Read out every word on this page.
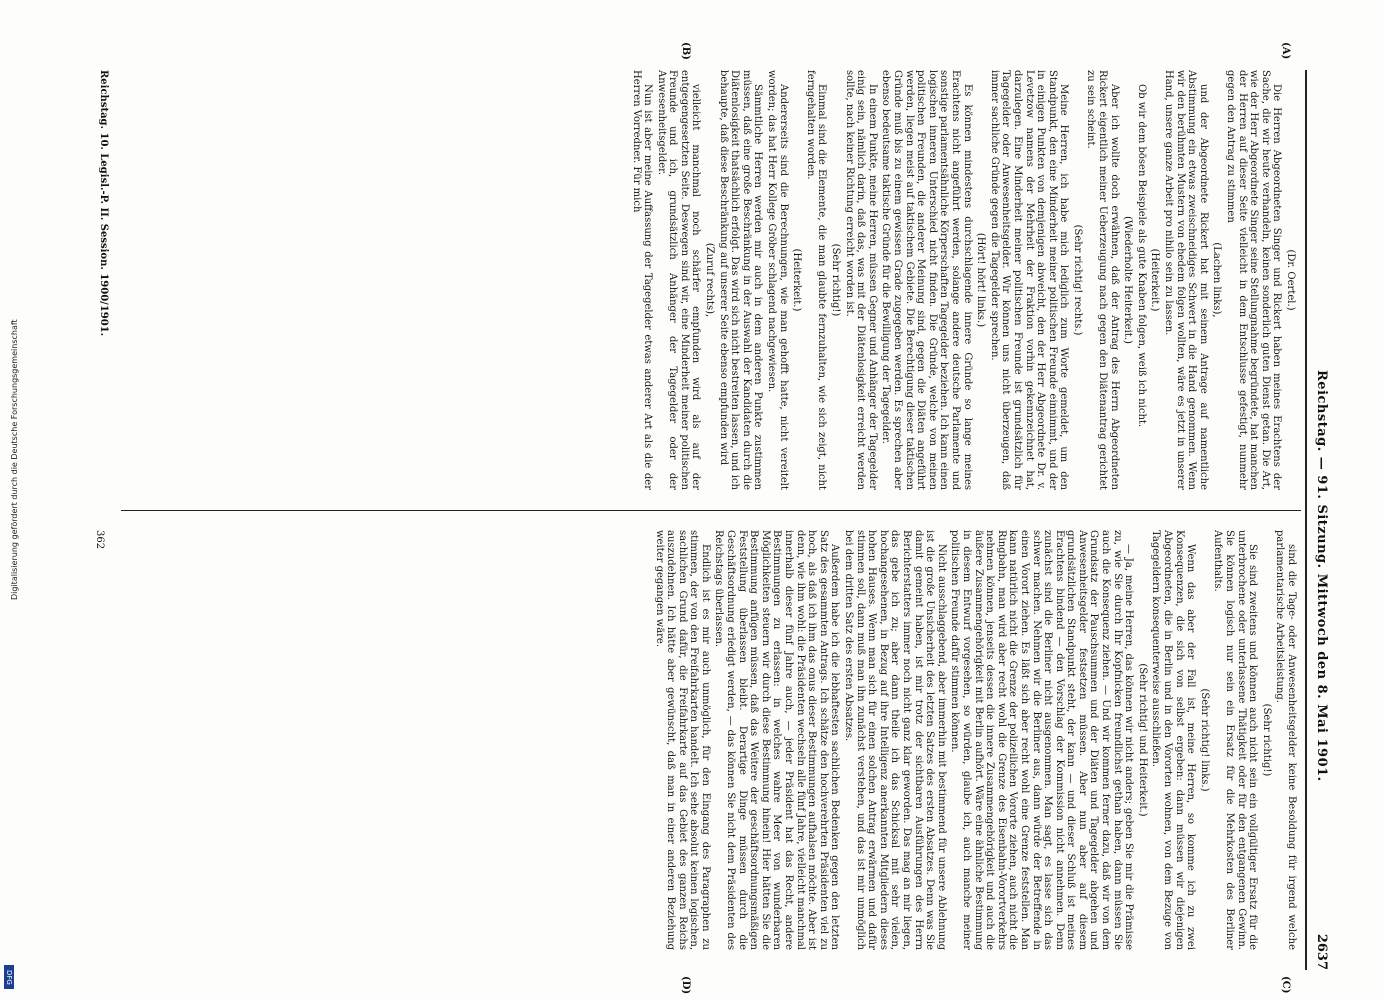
DFG
Digitalisierung gefördert durch die Deutsche Forschungsgemeinschaft	Reichstag. — 91. Sitzung. Mittwoch den 8. Mai 1901.
2637
(A)
(B)
(C)
(D)

(Dr. Oertel.)

Die Herren Abgeordneten Singer und Rickert haben meines Erachtens der Sache, die wir heute verhandeln, keinen sonderlich guten Dienst getan. Die Art, wie der Herr Abgeordnete Singer seine Stellungnahme begründete, hat manchen der Herren auf dieser Seite vielleicht in dem Entschlusse gefestigt, nunmehr gegen den Antrag zu stimmen

(Lachen links),

und der Abgeordnete Rickert hat mit seinem Antrage auf namentliche Abstimmung ein etwas zweischneidiges Schwert in die Hand genommen. Wenn wir den berühmten Mustern von ehedem folgen wollten, wäre es jetzt in unserer Hand, unsere ganze Arbeit pro nihilo sein zu lassen.

(Heiterkeit.)

Ob wir dem bösen Beispiele als gute Knaben folgen, weiß ich nicht.

(Wiederholte Heiterkeit.)

Aber ich wollte doch erwähnen, daß der Antrag des Herrn Abgeordneten Rickert eigentlich meiner Ueberzeugung nach gegen den Diätenantrag gerichtet zu sein scheint.

(Sehr richtig! rechts.)

Meine Herren, ich habe mich lediglich zum Worte gemeldet, um den Standpunkt, den eine Minderheit meiner politischen Freunde einnimmt, und der in einigen Punkten von demjenigen abweicht, den der Herr Abgeordnete Dr. v. Levetzow namens der Mehrheit der Fraktion vorhin gekennzeichnet hat, darzulegen. Eine Minderheit meiner politischen Freunde ist grundsätzlich für Tagegelder oder Anwesenheitsgelder. Wir können uns nicht überzeugen, daß immer sachliche Gründe gegen die Tagegelder sprechen.

(Hört! hört! links.)

Es können mindestens durchschlagende innere Gründe so lange meines Erachtens nicht angeführt werden, solange andere deutsche Parlamente und sonstige parlamentsähnliche Körperschaften Tagegelder beziehen. Ich kann einen logischen inneren Unterschied nicht finden. Die Gründe, welche von meinen politischen Freunden, die anderer Meinung sind, gegen die Diäten angeführt werden, liegen meist auf taktischem Gebiete. Die Berechtigung dieser taktischen Gründe muß bis zu einem gewissen Grade zugegeben werden. Es sprechen aber ebenso bedeutsame taktische Gründe für die Bewilligung der Tagegelder.

In einem Punkte, meine Herren, müssen Gegner und Anhänger der Tagegelder einig sein, nämlich darin, daß das, was mit der Diätenlosigkeit erreicht werden sollte, nach keiner Richtung erreicht worden ist.

(Sehr richtig!)

Einmal sind die Elemente, die man glaubte fernzuhalten, wie sich zeigt, nicht ferngehalten worden.

(Heiterkeit.)

Andererseits sind die Berechnungen, wie man gehofft hatte, nicht vereitelt worden; das hat Herr Kollege Gröber schlagend nachgewiesen.

Sämmtliche Herren werden mir auch in dem anderen Punkte zustimmen müssen, daß eine große Beschränkung in der Auswahl der Kandidaten durch die Diätenlosigkeit thatsächlich erfolgt. Das wird sich nicht bestreiten lassen, und ich behaupte, daß diese Beschränkung auf unserer Seite ebenso empfunden wird

(Zuruf rechts),

vielleicht manchmal noch schärfer empfunden wird als auf der entgegengesetzten Seite. Deswegen sind wir, eine Minderheit meiner politischen Freunde und ich, grundsätzlich Anhänger der Tagegelder oder der Anwesenheitsgelder.

Nun ist aber meine Auffassung der Tagegelder etwas anderer Art als die der Herren Vorredner. Für mich

sind die Tage- oder Anwesenheitsgelder keine Besoldung für irgend welche parlamentarische Arbeitsleistung.

(Sehr richtig!)

Sie sind zweitens und können auch nicht sein ein vollgültiger Ersatz für die unterbrochene oder unterlassene Thätigkeit oder für den entgangenen Gewinn. Sie können logisch nur sein ein Ersatz für die Mehrkosten des Berliner Aufenthalts.

(Sehr richtig! links.)

Wenn das aber der Fall ist, meine Herren, so komme ich zu zwei Konsequenzen, die sich von selbst ergeben: dann müssen wir diejenigen Abgeordneten, die in Berlin und in den Vororten wohnen, von dem Bezuge von Tagegeldern konsequenterweise ausschließen.

(Sehr richtig! und Heiterkeit.)

— Ja, meine Herren, das können wir nicht anders; geben Sie mir die Prämisse zu, wie Sie durch Ihr Kopfnicken freundlichst gethan haben, dann müssen Sie auch die Konsequenz ziehen. — Und wir kommen ferner dazu, daß wir von dem Grundsatz der Pauschsummen und der Diäten und Tagegelder abgehen und Anwesenheitsgelder festsetzen müssen. Aber nun aber auf diesem grundsätzlichen Standpunkt steht, der kann — und dieser Schluß ist meines Erachtens bindend — den Vorschlag der Kommission nicht annehmen. Denn zunächst sind die Berliner nicht ausgenommen. Man sagt, es lasse sich das schwer machen. Nehmen wir die Berliner aus, dann würde der Betreffende in einen Vorort ziehen. Es läßt sich aber recht wohl eine Grenze feststellen. Man kann natürlich nicht die Grenze der polizeilichen Vororte ziehen, auch nicht die Ringbahn, man wird aber recht wohl die Grenze des Eisenbahn-Vorortverkehrs nehmen können, jenseits dessen die innere Zusammengehörigkeit und auch die äußere Zusammengehörigkeit mit Berlin aufhört. Wäre eine ähnliche Bestimmung in diesem Entwurf vorgesehen, so würden, glaube ich, auch manche meiner politischen Freunde dafür stimmen können.

Nicht ausschlaggebend, aber immerhin mit bestimmend für unsere Ablehnung ist die große Unsicherheit des letzten Satzes des ersten Absatzes. Denn was Sie damit gemeint haben, ist mir trotz der sichtbaren Ausführungen des Herrn Berichterstatters immer noch nicht ganz klar geworden. Das mag an mir liegen, das gebe ich zu; aber dann theile ich das Schicksal mit sehr vielen, hochangesehenen, in Bezug auf ihre Intelligenz anerkannten Mitgliedern dieses hohen Hauses. Wenn man sich für einen solchen Antrag erwärmen und dafür stimmen soll, dann muß man ihn zunächst verstehen, und das ist mir unmöglich bei dem dritten Satz des ersten Absatzes.

Außerdem habe ich die lebhaftesten sachlichen Bedenken gegen den letzten Satz des gesammten Antrags. Ich schätze den hochverehrten Präsidenten viel zu hoch, als daß ich ihm das onus dieser Bestimmungen aufhalsen möchte. Aber ist denn, wie ihm wohl: die Präsidenten wechseln alle fünf Jahre, vielleicht manchmal innerhalb dieser fünf Jahre auch, — jeder Präsident hat das Recht, andere Bestimmungen zu erlassen: in welches wahre Meer von wunderbaren Möglichkeiten steuern wir durch diese Bestimmung hinein! Hier hätten Sie die Bestimmung anfügen müssen, daß das Weitere der geschäftsordnungsmäßigen Feststellung überlassen bleibt. Derartige Dinge müssen durch die Geschäftsordnung erledigt werden, — das können Sie nicht dem Präsidenten des Reichstags überlassen.

Endlich ist es mir auch unmöglich, für den Eingang des Paragraphen zu stimmen, der von den Freifahrkarten handelt. Ich sehe absolut keinen logischen, sachlichen Grund dafür, die Freifahrkarte auf das Gebiet des ganzen Reichs auszudehnen. Ich hätte aber gewünscht, daß man in einer anderen Beziehung weiter gegangen wäre.

Reichstag. 10. Legisl.-P. II. Session. 1900/1901.
362
